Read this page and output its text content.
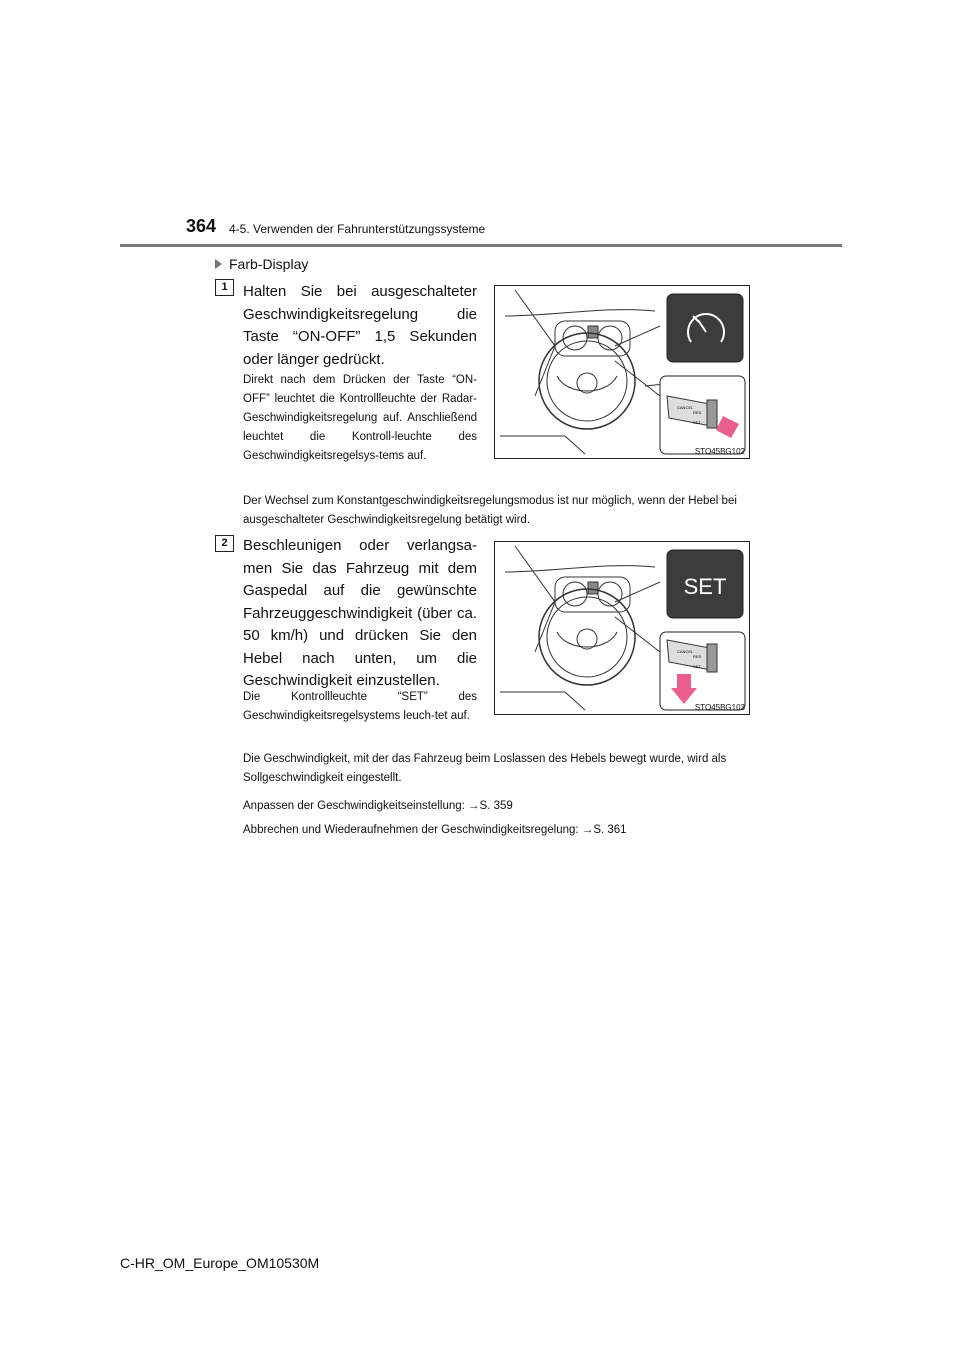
364 4-5. Verwenden der Fahrunterstützungssysteme
Farb-Display
1	Halten Sie bei ausgeschalteter Geschwindigkeitsregelung die Taste “ON-OFF” 1,5 Sekunden oder länger gedrückt.
Direkt nach dem Drücken der Taste “ON-OFF” leuchtet die Kontrollleuchte der Radar-Geschwindigkeitsregelung auf. Anschließend leuchtet die Kontroll-leuchte des Geschwindigkeitsregelsys-tems auf.
CANCEL
RES
SET
STO45BG102
Der Wechsel zum Konstantgeschwindigkeitsregelungsmodus ist nur möglich, wenn der Hebel bei ausgeschalteter Geschwindigkeitsregelung betätigt wird.
2	Beschleunigen oder verlangsa-men Sie das Fahrzeug mit dem Gaspedal auf die gewünschte Fahrzeuggeschwindigkeit (über ca. 50 km/h) und drücken Sie den Hebel nach unten, um die Geschwindigkeit einzustellen.
Die Kontrollleuchte “SET” des Geschwindigkeitsregelsystems leuch-tet auf.
SET
CANCEL
RES
SET
STO45BG103
Die Geschwindigkeit, mit der das Fahrzeug beim Loslassen des Hebels bewegt wurde, wird als Sollgeschwindigkeit eingestellt.
Anpassen der Geschwindigkeitseinstellung: →S. 359
Abbrechen und Wiederaufnehmen der Geschwindigkeitsregelung: →S. 361
C-HR_OM_Europe_OM10530M
